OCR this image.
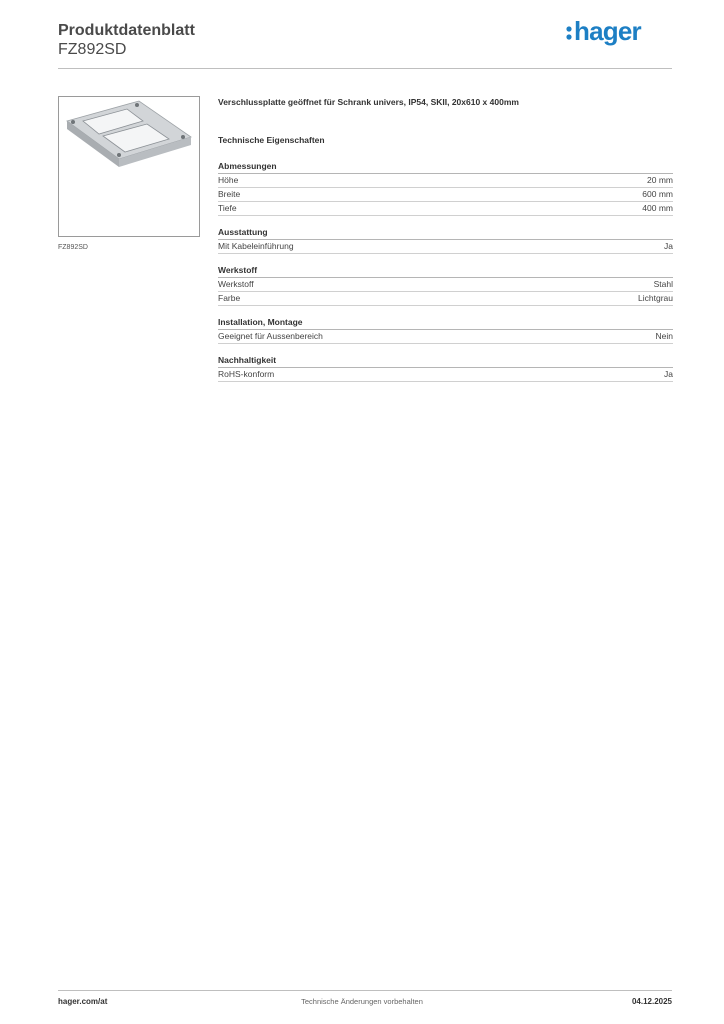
Produktdatenblatt
FZ892SD
hager
FZ892SD
Verschlussplatte geöffnet für Schrank univers, IP54, SKII, 20x610 x 400mm
Technische Eigenschaften
Abmessungen
Höhe	20 mm
Breite	600 mm
Tiefe	400 mm
Ausstattung
Mit Kabeleinführung	Ja
Werkstoff
Werkstoff	Stahl
Farbe	Lichtgrau
Installation, Montage
Geeignet für Aussenbereich	Nein
Nachhaltigkeit
RoHS-konform	Ja
hager.com/at	Technische Änderungen vorbehalten	04.12.2025
